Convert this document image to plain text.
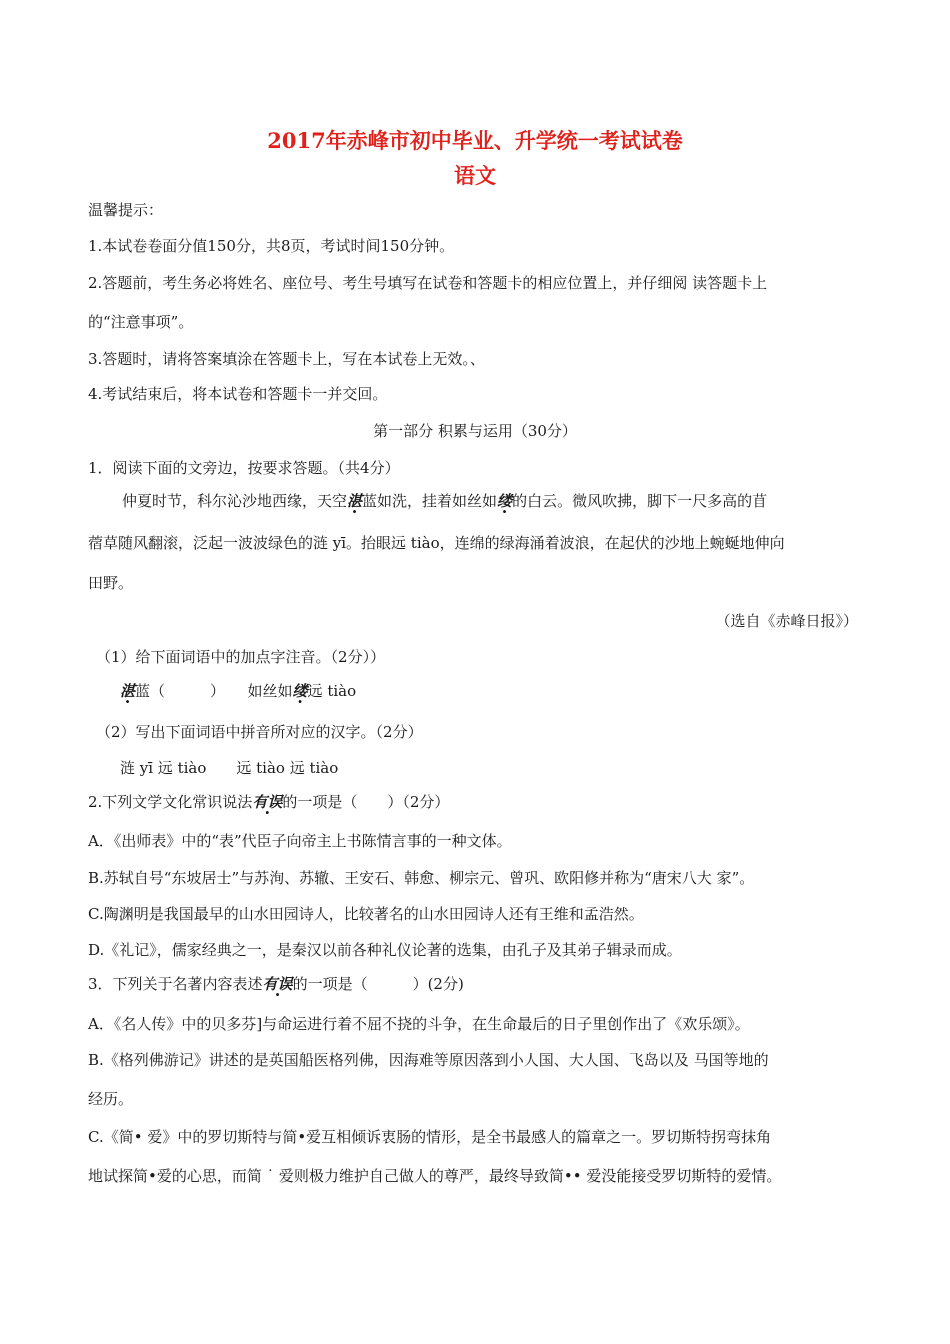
2017年赤峰市初中毕业、升学统一考试试卷
语文
温馨提示：
1.本试卷卷面分值150分，共8页，考试时间150分钟。
2.答题前，考生务必将姓名、座位号、考生号填写在试卷和答题卡的相应位置上，并仔细阅 读答题卡上
的“注意事项”。
3.答题时，请将答案填涂在答题卡上，写在本试卷上无效。、
4.考试结束后，将本试卷和答题卡一并交回。
第一部分 积累与运用（30分）
1．阅读下面的文旁边，按要求答题。（共4分）
仲夏时节，科尔沁沙地西缘，天空湛蓝如洗，挂着如丝如缕的白云。微风吹拂，脚下一尺多高的苜
蓿草随风翻滚，泛起一波波绿色的涟 yī。抬眼远 tiào，连绵的绿海涌着波浪，在起伏的沙地上蜿蜒地伸向
田野。
（选自《赤峰日报》）
（1）给下面词语中的加点字注音。（2分））
湛蓝（　　　）　　如丝如缕远 tiào
（2）写出下面词语中拼音所对应的汉字。（2分）
涟 yī 远 tiào　　远 tiào 远 tiào
2.下列文学文化常识说法有误的一项是（　　）（2分）
A．《出师表》中的“表”代臣子向帝主上书陈情言事的一种文体。
B.苏轼自号“东坡居士”与苏洵、苏辙、王安石、韩愈、柳宗元、曾巩、欧阳修并称为“唐宋八大 家”。
C.陶渊明是我国最早的山水田园诗人，比较著名的山水田园诗人还有王维和孟浩然。
D.《礼记》，儒家经典之一，是秦汉以前各种礼仪论著的选集，由孔子及其弟子辑录而成。
3．下列关于名著内容表述有误的一项是（　　　）(2分)
A．《名人传》中的贝多芬]与命运进行着不屈不挠的斗争，在生命最后的日子里创作出了《欢乐颂》。
B.《格列佛游记》讲述的是英国船医格列佛，因海难等原因落到小人国、大人国、飞岛以及 马国等地的
经历。
C.《简• 爱》中的罗切斯特与简•爱互相倾诉衷肠的情形，是全书最感人的篇章之一。罗切斯特拐弯抹角
地试探简•爱的心思，而简 ˙ 爱则极力维护自己做人的尊严，最终导致简•• 爱没能接受罗切斯特的爱情。
